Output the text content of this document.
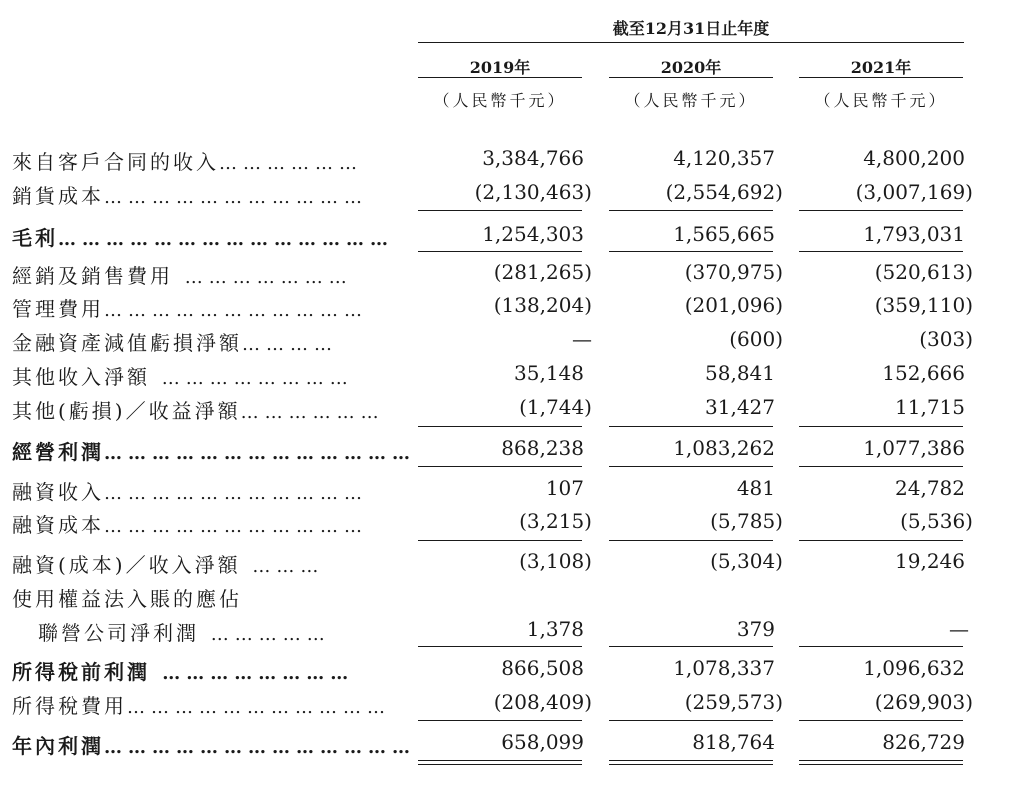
截至12月31日止年度
2019年	2020年	2021年
（人民幣千元）	（人民幣千元）	（人民幣千元）
來自客戶合同的收入………………	3,384,766	4,120,357	4,800,200
銷貨成本……………………………	(2,130,463)	(2,554,692)	(3,007,169)
毛利……………………………………	1,254,303	1,565,665	1,793,031
經銷及銷售費用 …………………	(281,265)	(370,975)	(520,613)
管理費用……………………………	(138,204)	(201,096)	(359,110)
金融資產減值虧損淨額…………	—	(600)	(303)
其他收入淨額 ……………………	35,148	58,841	152,666
其他(虧損)／收益淨額………………	(1,744)	31,427	11,715
經營利潤…………………………………	868,238	1,083,262	1,077,386
融資收入……………………………	107	481	24,782
融資成本……………………………	(3,215)	(5,785)	(5,536)
融資(成本)／收入淨額 ………	(3,108)	(5,304)	19,246
使用權益法入賬的應佔
聯營公司淨利潤 ……………	1,378	379	—
所得稅前利潤 ……………………	866,508	1,078,337	1,096,632
所得稅費用……………………………	(208,409)	(259,573)	(269,903)
年內利潤…………………………………	658,099	818,764	826,729
